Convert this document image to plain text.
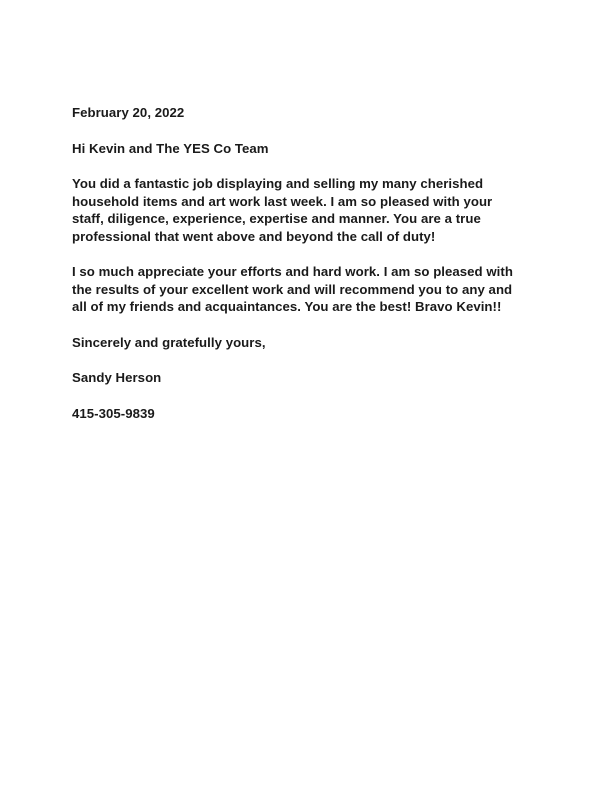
February 20, 2022

Hi Kevin and The YES Co Team

You did a fantastic job displaying and selling my many cherished
household items and art work last week. I am so pleased with your
staff, diligence, experience, expertise and manner. You are a true
professional that went above and beyond the call of duty!

I so much appreciate your efforts and hard work. I am so pleased with
the results of your excellent work and will recommend you to any and
all of my friends and acquaintances. You are the best! Bravo Kevin!!

Sincerely and gratefully yours,

Sandy Herson

415-305-9839
